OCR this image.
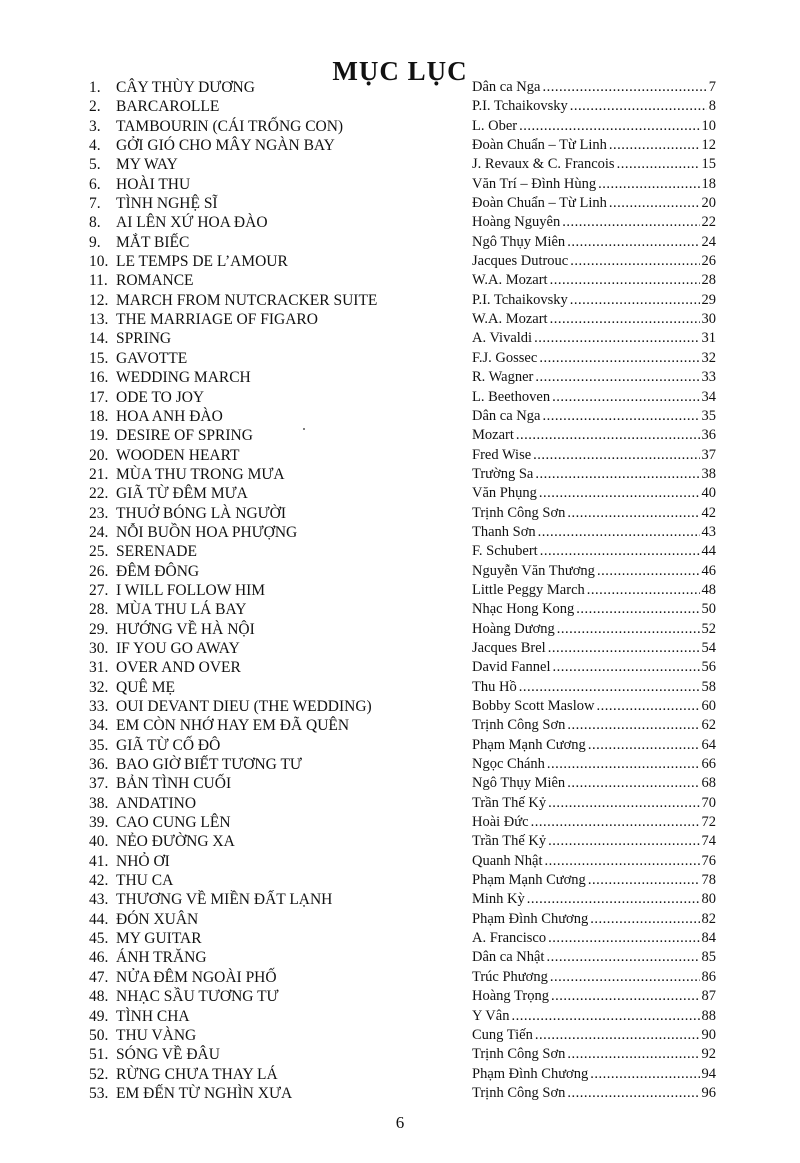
MỤC LỤC
1. CÂY THÙY DƯƠNG	Dân ca Nga .....	7
2. BARCAROLLE	P.I. Tchaikovsky .....	8
3. TAMBOURIN (CÁI TRỐNG CON)	L. Ober .....	10
4. GỞI GIÓ CHO MÂY NGÀN BAY	Đoàn Chuẩn – Từ Linh .....	12
5. MY WAY	J. Revaux & C. Francois .....	15
6. HOÀI THU	Văn Trí – Đình Hùng .....	18
7. TÌNH NGHỆ SĨ	Đoàn Chuẩn – Từ Linh .....	20
8. AI LÊN XỨ HOA ĐÀO	Hoàng Nguyên .....	22
9. MẮT BIẾC	Ngô Thụy Miên .....	24
10. LE TEMPS DE L’AMOUR	Jacques Dutrouc .....	26
11. ROMANCE	W.A. Mozart .....	28
12. MARCH FROM NUTCRACKER SUITE	P.I. Tchaikovsky .....	29
13. THE MARRIAGE OF FIGARO	W.A. Mozart .....	30
14. SPRING	A. Vivaldi .....	31
15. GAVOTTE	F.J. Gossec .....	32
16. WEDDING MARCH	R. Wagner .....	33
17. ODE TO JOY	L. Beethoven .....	34
18. HOA ANH ĐÀO	Dân ca Nga .....	35
19. DESIRE OF SPRING	Mozart .....	36
20. WOODEN HEART	Fred Wise .....	37
21. MÙA THU TRONG MƯA	Trường Sa .....	38
22. GIÃ TỪ ĐÊM MƯA	Văn Phụng .....	40
23. THUỞ BÓNG LÀ NGƯỜI	Trịnh Công Sơn .....	42
24. NỖI BUỒN HOA PHƯỢNG	Thanh Sơn .....	43
25. SERENADE	F. Schubert .....	44
26. ĐÊM ĐÔNG	Nguyễn Văn Thương .....	46
27. I WILL FOLLOW HIM	Little Peggy March .....	48
28. MÙA THU LÁ BAY	Nhạc Hong Kong .....	50
29. HƯỚNG VỀ HÀ NỘI	Hoàng Dương .....	52
30. IF YOU GO AWAY	Jacques Brel .....	54
31. OVER AND OVER	David Fannel .....	56
32. QUÊ MẸ	Thu Hồ .....	58
33. OUI DEVANT DIEU (THE WEDDING)	Bobby Scott Maslow .....	60
34. EM CÒN NHỚ HAY EM ĐÃ QUÊN	Trịnh Công Sơn .....	62
35. GIÃ TỪ CỐ ĐÔ	Phạm Mạnh Cương .....	64
36. BAO GIỜ BIẾT TƯƠNG TƯ	Ngọc Chánh .....	66
37. BẢN TÌNH CUỐI	Ngô Thụy Miên .....	68
38. ANDATINO	Trần Thế Kỷ .....	70
39. CAO CUNG LÊN	Hoài Đức .....	72
40. NẺO ĐƯỜNG XA	Trần Thế Kỷ .....	74
41. NHỎ ƠI	Quanh Nhật .....	76
42. THU CA	Phạm Mạnh Cương .....	78
43. THƯƠNG VỀ MIỀN ĐẤT LẠNH	Minh Kỳ .....	80
44. ĐÓN XUÂN	Phạm Đình Chương .....	82
45. MY GUITAR	A. Francisco .....	84
46. ÁNH TRĂNG	Dân ca Nhật .....	85
47. NỬA ĐÊM NGOÀI PHỐ	Trúc Phương .....	86
48. NHẠC SẦU TƯƠNG TƯ	Hoàng Trọng .....	87
49. TÌNH CHA	Y Vân .....	88
50. THU VÀNG	Cung Tiến .....	90
51. SÓNG VỀ ĐÂU	Trịnh Công Sơn .....	92
52. RỪNG CHƯA THAY LÁ	Phạm Đình Chương .....	94
53. EM ĐẾN TỪ NGHÌN XƯA	Trịnh Công Sơn .....	96
6
